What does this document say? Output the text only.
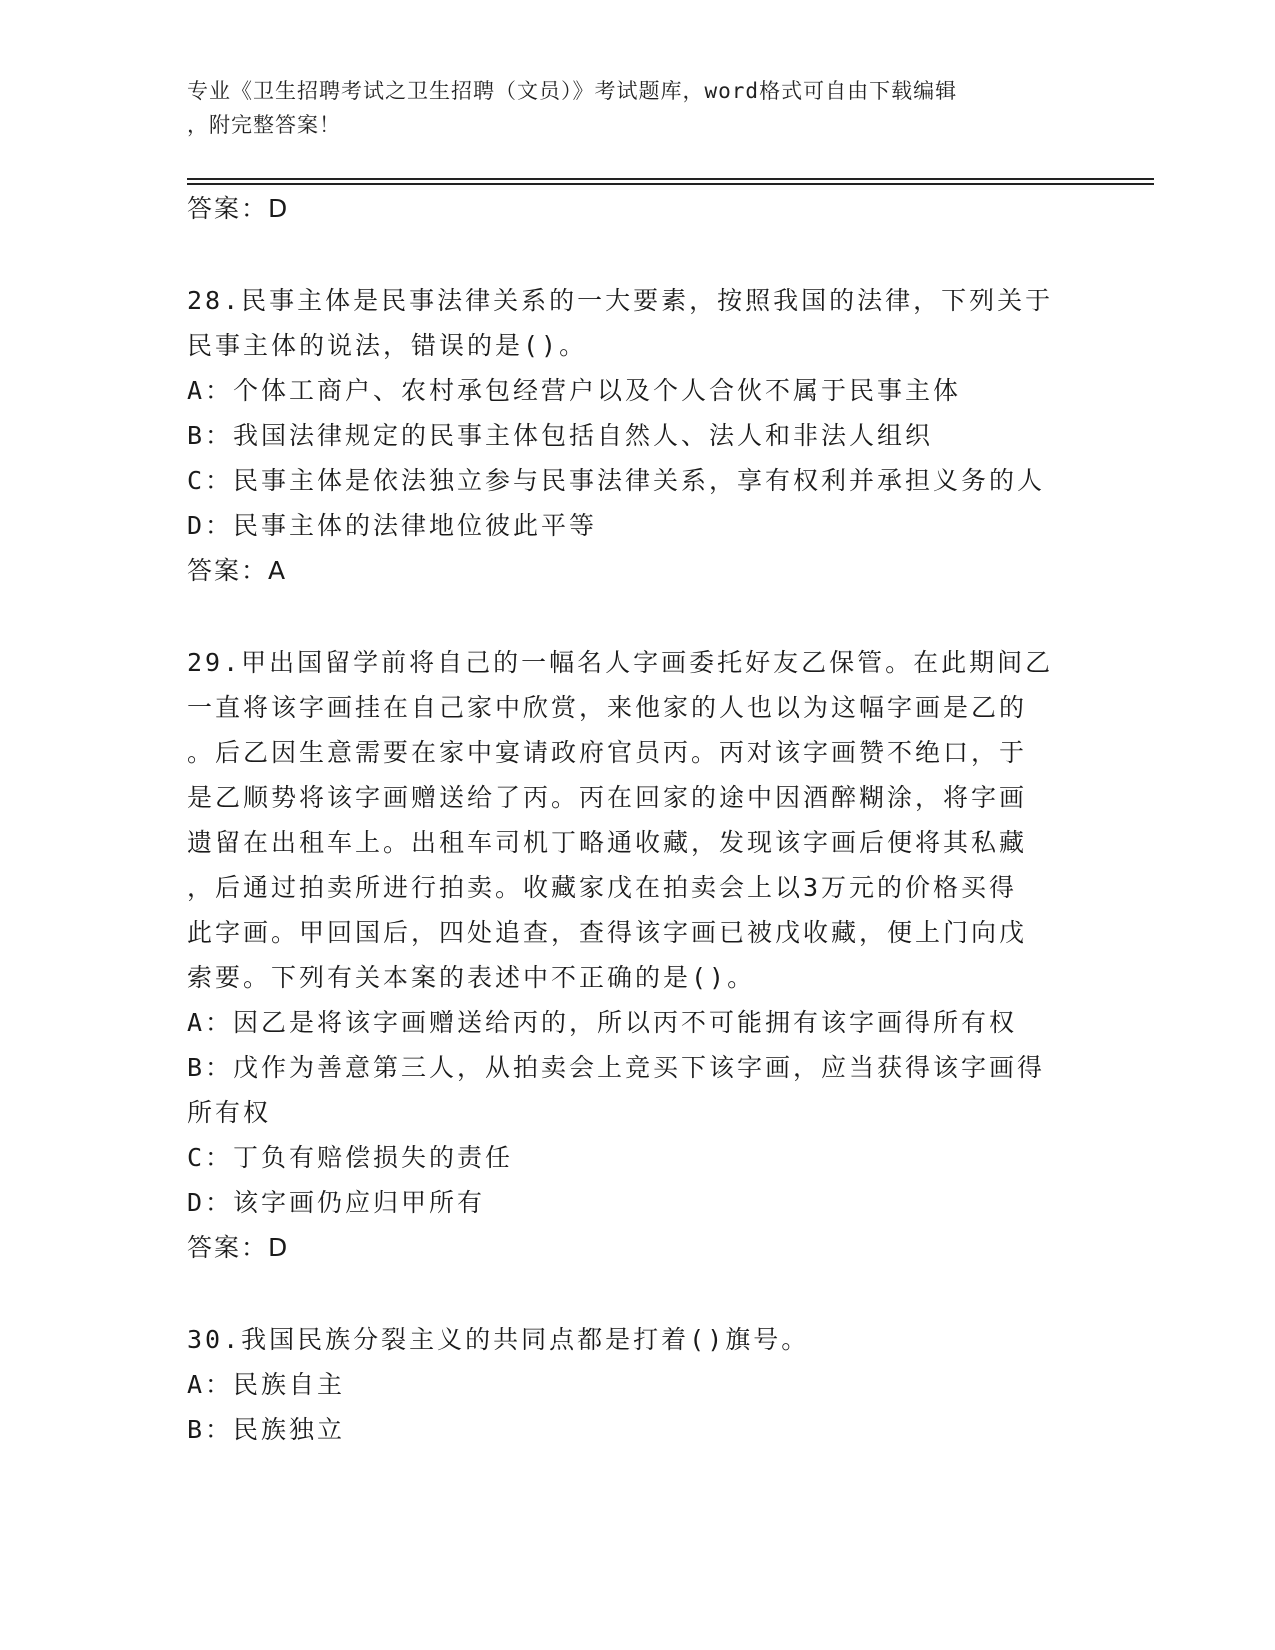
专业《卫生招聘考试之卫生招聘（文员）》考试题库，word格式可自由下载编辑
，附完整答案！
答案：D
28.民事主体是民事法律关系的一大要素，按照我国的法律，下列关于
民事主体的说法，错误的是()。
A：个体工商户、农村承包经营户以及个人合伙不属于民事主体
B：我国法律规定的民事主体包括自然人、法人和非法人组织
C：民事主体是依法独立参与民事法律关系，享有权利并承担义务的人
D：民事主体的法律地位彼此平等
答案：A
29.甲出国留学前将自己的一幅名人字画委托好友乙保管。在此期间乙
一直将该字画挂在自己家中欣赏，来他家的人也以为这幅字画是乙的
。后乙因生意需要在家中宴请政府官员丙。丙对该字画赞不绝口，于
是乙顺势将该字画赠送给了丙。丙在回家的途中因酒醉糊涂，将字画
遗留在出租车上。出租车司机丁略通收藏，发现该字画后便将其私藏
，后通过拍卖所进行拍卖。收藏家戊在拍卖会上以3万元的价格买得
此字画。甲回国后，四处追查，查得该字画已被戊收藏，便上门向戊
索要。下列有关本案的表述中不正确的是()。
A：因乙是将该字画赠送给丙的，所以丙不可能拥有该字画得所有权
B：戊作为善意第三人，从拍卖会上竞买下该字画，应当获得该字画得
所有权
C：丁负有赔偿损失的责任
D：该字画仍应归甲所有
答案：D
30.我国民族分裂主义的共同点都是打着()旗号。
A：民族自主
B：民族独立
